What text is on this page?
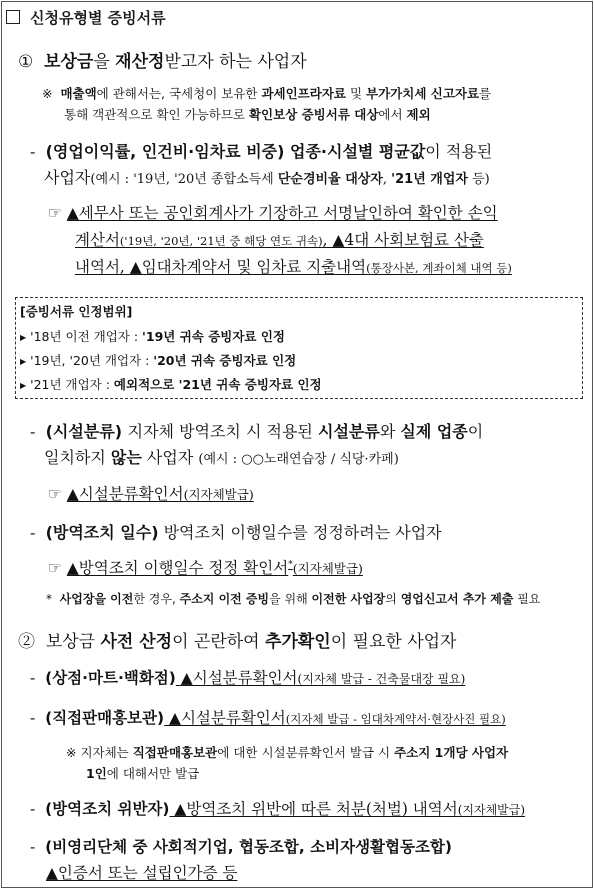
신청유형별 증빙서류
① 보상금을 재산정받고자 하는 사업자
※ 매출액에 관해서는, 국세청이 보유한 과세인프라자료 및 부가가치세 신고자료를
통해 객관적으로 확인 가능하므로 확인보상 증빙서류 대상에서 제외
- (영업이익률, 인건비·임차료 비중) 업종·시설별 평균값이 적용된
사업자(예시 : '19년, '20년 종합소득세 단순경비율 대상자, '21년 개업자 등)
☞ ▲세무사 또는 공인회계사가 기장하고 서명날인하여 확인한 손익
계산서('19년, '20년, '21년 중 해당 연도 귀속), ▲4대 사회보험료 산출
내역서, ▲임대차계약서 및 임차료 지출내역(통장사본, 계좌이체 내역 등)
[증빙서류 인정범위]
▶ '18년 이전 개업자 : '19년 귀속 증빙자료 인정
▶ '19년, '20년 개업자 : '20년 귀속 증빙자료 인정
▶ '21년 개업자 : 예외적으로 '21년 귀속 증빙자료 인정
- (시설분류) 지자체 방역조치 시 적용된 시설분류와 실제 업종이
일치하지 않는 사업자 (예시 : ○○노래연습장 / 식당·카페)
☞ ▲시설분류확인서(지자체발급)
- (방역조치 일수) 방역조치 이행일수를 정정하려는 사업자
☞ ▲방역조치 이행일수 정정 확인서*(지자체발급)
* 사업장을 이전한 경우, 주소지 이전 증빙을 위해 이전한 사업장의 영업신고서 추가 제출 필요
② 보상금 사전 산정이 곤란하여 추가확인이 필요한 사업자
- (상점·마트·백화점) ▲시설분류확인서(지자체 발급 - 건축물대장 필요)
- (직접판매홍보관) ▲시설분류확인서(지자체 발급 - 임대차계약서·현장사진 필요)
※ 지자체는 직접판매홍보관에 대한 시설분류확인서 발급 시 주소지 1개당 사업자
1인에 대해서만 발급
- (방역조치 위반자) ▲방역조치 위반에 따른 처분(처벌) 내역서(지자체발급)
- (비영리단체 중 사회적기업, 협동조합, 소비자생활협동조합)
▲인증서 또는 설립인가증 등
